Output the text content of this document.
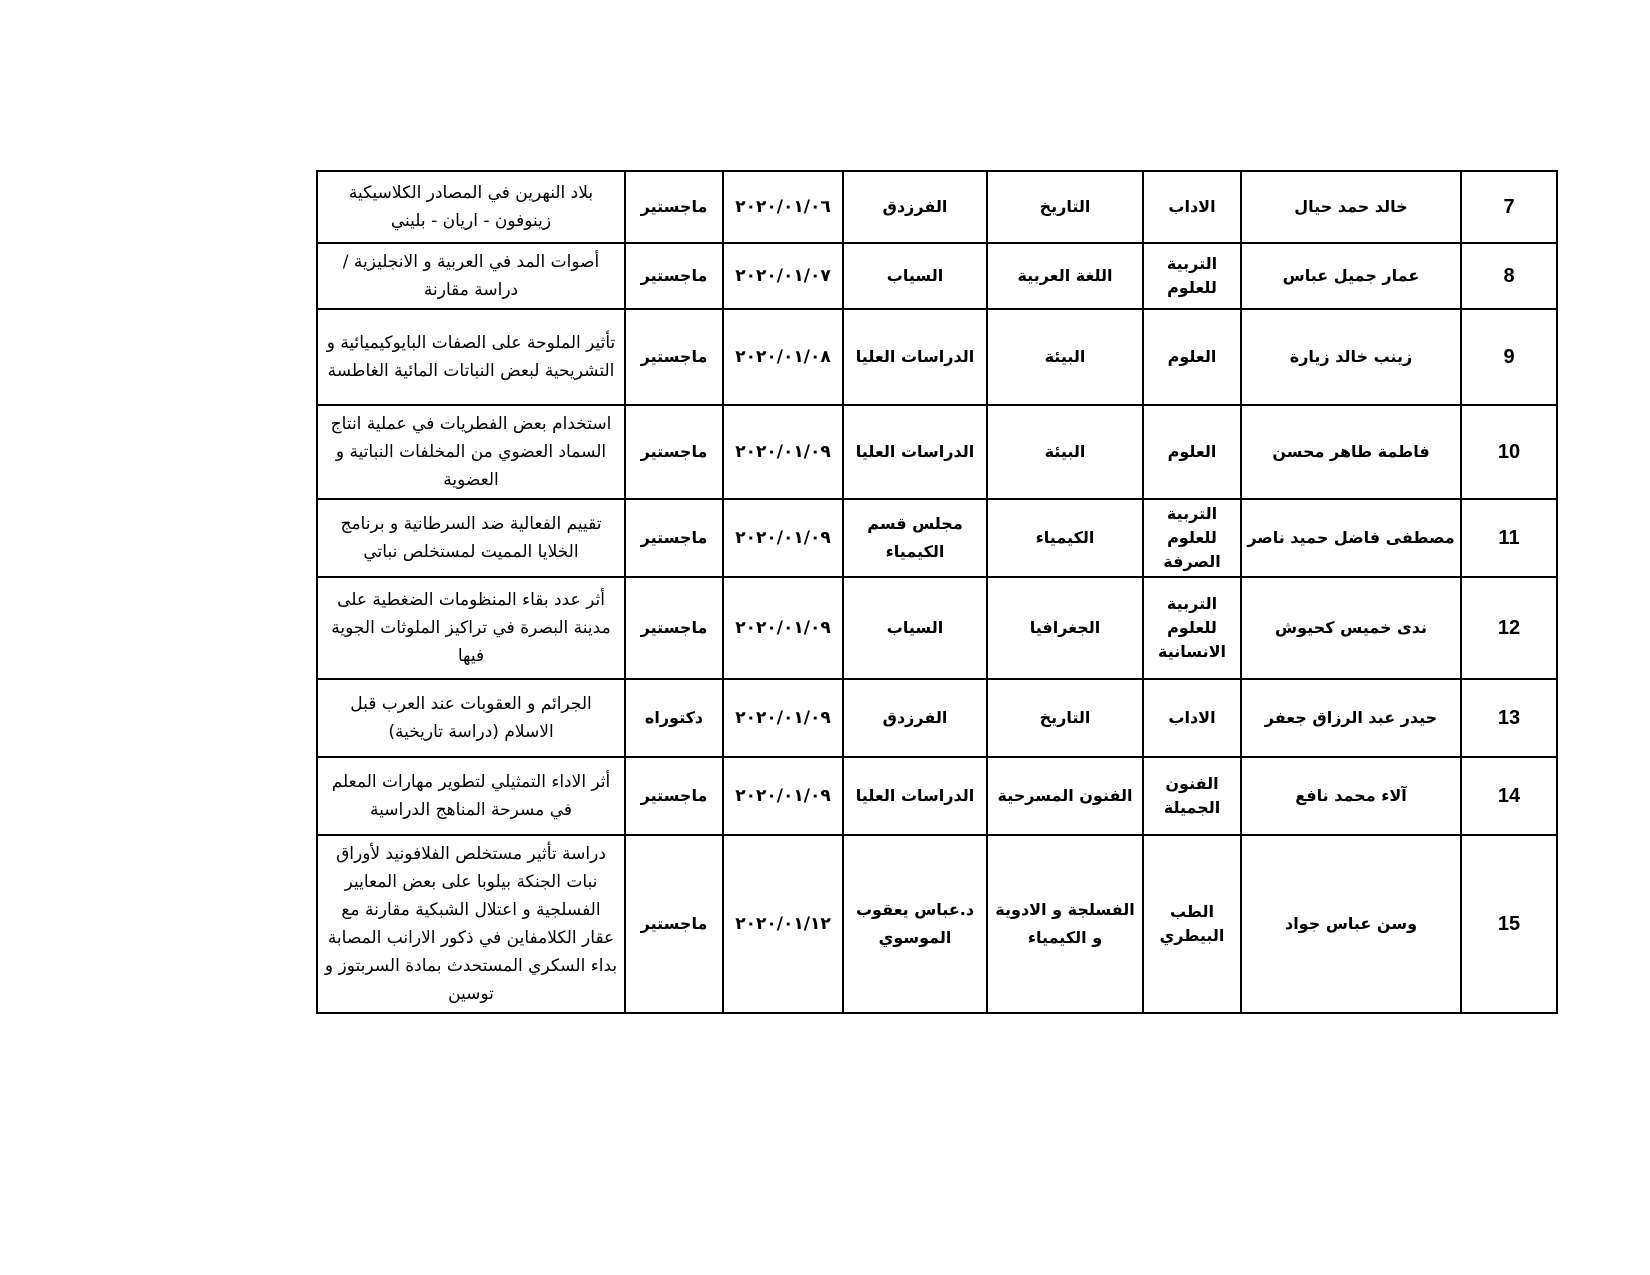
بلاد النهرين في المصادر الكلاسيكية زينوفون - اريان - بليني	ماجستير	٢٠٢٠/٠١/٠٦	الفرزدق	التاريخ	الاداب	خالد حمد حيال	7	
أصوات المد في العربية و الانجليزية / دراسة مقارنة	ماجستير	٢٠٢٠/٠١/٠٧	السياب	اللغة العربية	التربية للعلوم	عمار جميل عباس	8	
تأثير الملوحة على الصفات البايوكيميائية و التشريحية لبعض النباتات المائية الغاطسة	ماجستير	٢٠٢٠/٠١/٠٨	الدراسات العليا	البيئة	العلوم	زينب خالد زيارة	9	
استخدام بعض الفطريات في عملية انتاج السماد العضوي من المخلفات النباتية و العضوية	ماجستير	٢٠٢٠/٠١/٠٩	الدراسات العليا	البيئة	العلوم	فاطمة طاهر محسن	10	
تقييم الفعالية ضد السرطانية و برنامج الخلايا المميت لمستخلص نباتي	ماجستير	٢٠٢٠/٠١/٠٩	مجلس قسم الكيمياء	الكيمياء	التربية للعلوم الصرفة	مصطفى فاضل حميد ناصر	11	
أثر عدد بقاء المنظومات الضغطية على مدينة البصرة في تراكيز الملوثات الجوية فيها	ماجستير	٢٠٢٠/٠١/٠٩	السياب	الجغرافيا	التربية للعلوم الانسانية	ندى خميس كحيوش	12	
الجرائم و العقوبات عند العرب قبل الاسلام (دراسة تاريخية)	دكتوراه	٢٠٢٠/٠١/٠٩	الفرزدق	التاريخ	الاداب	حيدر عبد الرزاق جعفر	13	
أثر الاداء التمثيلي لتطوير مهارات المعلم في مسرحة المناهج الدراسية	ماجستير	٢٠٢٠/٠١/٠٩	الدراسات العليا	الفنون المسرحية	الفنون الجميلة	آلاء محمد نافع	14	
دراسة تأثير مستخلص الفلافونيد لأوراق نبات الجنكة بيلوبا على بعض المعايير الفسلجية و اعتلال الشبكية مقارنة مع عقار الكلامفاين في ذكور الارانب المصابة بداء السكري المستحدث بمادة السربتوز و توسين	ماجستير	٢٠٢٠/٠١/١٢	د.عباس يعقوب الموسوي	الفسلجة و الادوية و الكيمياء	الطب البيطري	وسن عباس جواد	15	
